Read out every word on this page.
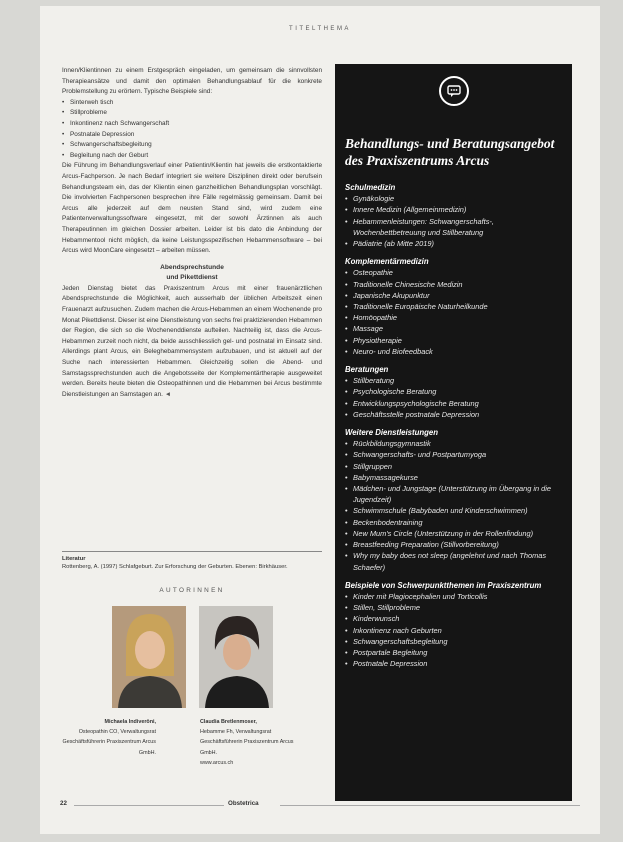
TITELTHEMA

Innen/Klientinnen zu einem Erstgespräch eingeladen, um gemeinsam die sinnvollsten Therapieansätze und damit den optimalen Behandlungsablauf für die konkrete Problemstellung zu erörtern. Typische Beispiele sind:

• Sinterweh tisch
• Stillprobleme
• Inkontinenz nach Schwangerschaft
• Postnatale Depression
• Schwangerschaftsbegleitung
• Begleitung nach der Geburt

Die Führung im Behandlungsverlauf einer Patientin/Klientin hat jeweils die erstkontaktierte Arcus-Fachperson. Je nach Bedarf integriert sie weitere Disziplinen direkt oder berufsein Behandlungsteam ein, das der Klientin einen ganzheitlichen Behandlungsplan vorschlägt. Die involvierten Fachpersonen besprechen ihre Fälle regelmässig gemeinsam. Damit bei Arcus alle jederzeit auf dem neusten Stand sind, wird zudem eine Patientenverwaltungssoftware eingesetzt, mit der sowohl Ärztinnen als auch Therapeutinnen im gleichen Dossier arbeiten. Leider ist bis dato die Anbindung der Hebammentool nicht möglich, da keine Leistungsspezifischen Hebammensoftware – bei Arcus wird MoonCare eingesetzt – arbeiten müssen.

Abendsprechstunde
und Pikettdienst

Jeden Dienstag bietet das Praxiszentrum Arcus mit einer frauenärztlichen Abendsprechstunde die Möglichkeit, auch ausserhalb der üblichen Arbeitszeit einen Frauenarzt aufzusuchen. Zudem machen die Arcus-Hebammen an einem Wochenende pro Monat Pikettdienst. Dieser ist eine Dienstleistung von sechs frei praktizierenden Hebammen der Region, die sich so die Wochenenddienste aufteilen. Nachteilig ist, dass die Arcus-Hebammen zurzeit noch nicht, da beide ausschliesslich gel- und postnatal im Einsatz sind. Allerdings plant Arcus, ein Beleghebammensystem aufzubauen, und ist aktuell auf der Suche nach interessierten Hebammen. Gleichzeitig sollen die Abend- und Samstagssprechstunden auch die Angebotsseite der Komplementärtherapie ausgeweitet werden. Bereits heute bieten die Osteopathinnen und die Hebammen bei Arcus bestimmte Dienstleistungen an Samstagen an. ◄

Literatur
Rottenberg, A. (1997) Schlafgeburt. Zur Erforschung der Geburten. Ebenen: Birkhäuser.
AUTORINNEN
Michaela Indiveröni,
Osteopathin CO, Verwaltungsrat Geschäftsführerin Praxiszentrum Arcus GmbH.
Claudia Bretlenmoser,
Hebamme Fh, Verwaltungsrat Geschäftsführerin Praxiszentrum Arcus GmbH.
www.arcus.ch
22	Obstetrica
Behandlungs- und Beratungsangebot des Praxiszentrums Arcus
Schulmedizin
• Gynäkologie
• Innere Medizin (Allgemeinmedizin)
• Hebammenleistungen: Schwangerschafts-, Wochenbettbetreuung und Stillberatung
• Pädiatrie (ab Mitte 2019)
Komplementärmedizin
• Osteopathie
• Traditionelle Chinesische Medizin
• Japanische Akupunktur
• Traditionelle Europäische Naturheilkunde
• Homöopathie
• Massage
• Physiotherapie
• Neuro- und Biofeedback
Beratungen
• Stillberatung
• Psychologische Beratung
• Entwicklungspsychologische Beratung
• Geschäftsstelle postnatale Depression
Weitere Dienstleistungen
• Rückbildungsgymnastik
• Schwangerschafts- und Postpartumyoga
• Stillgruppen
• Babymassagekurse
• Mädchen- und Jungstage (Unterstützung im Übergang in die Jugendzeit)
• Schwimmschule (Babybaden und Kinderschwimmen)
• Beckenbodentraining
• New Mum's Circle (Unterstützung in der Rollenfindung)
• Breastfeeding Preparation (Stillvorbereitung)
• Why my baby does not sleep (angelehnt und nach Thomas Schaefer)
Beispiele von Schwerpunktthemen im Praxiszentrum
• Kinder mit Plagiocephalien und Torticollis
• Stillen, Stillprobleme
• Kinderwunsch
• Inkontinenz nach Geburten
• Schwangerschaftsbegleitung
• Postpartale Begleitung
• Postnatale Depression
